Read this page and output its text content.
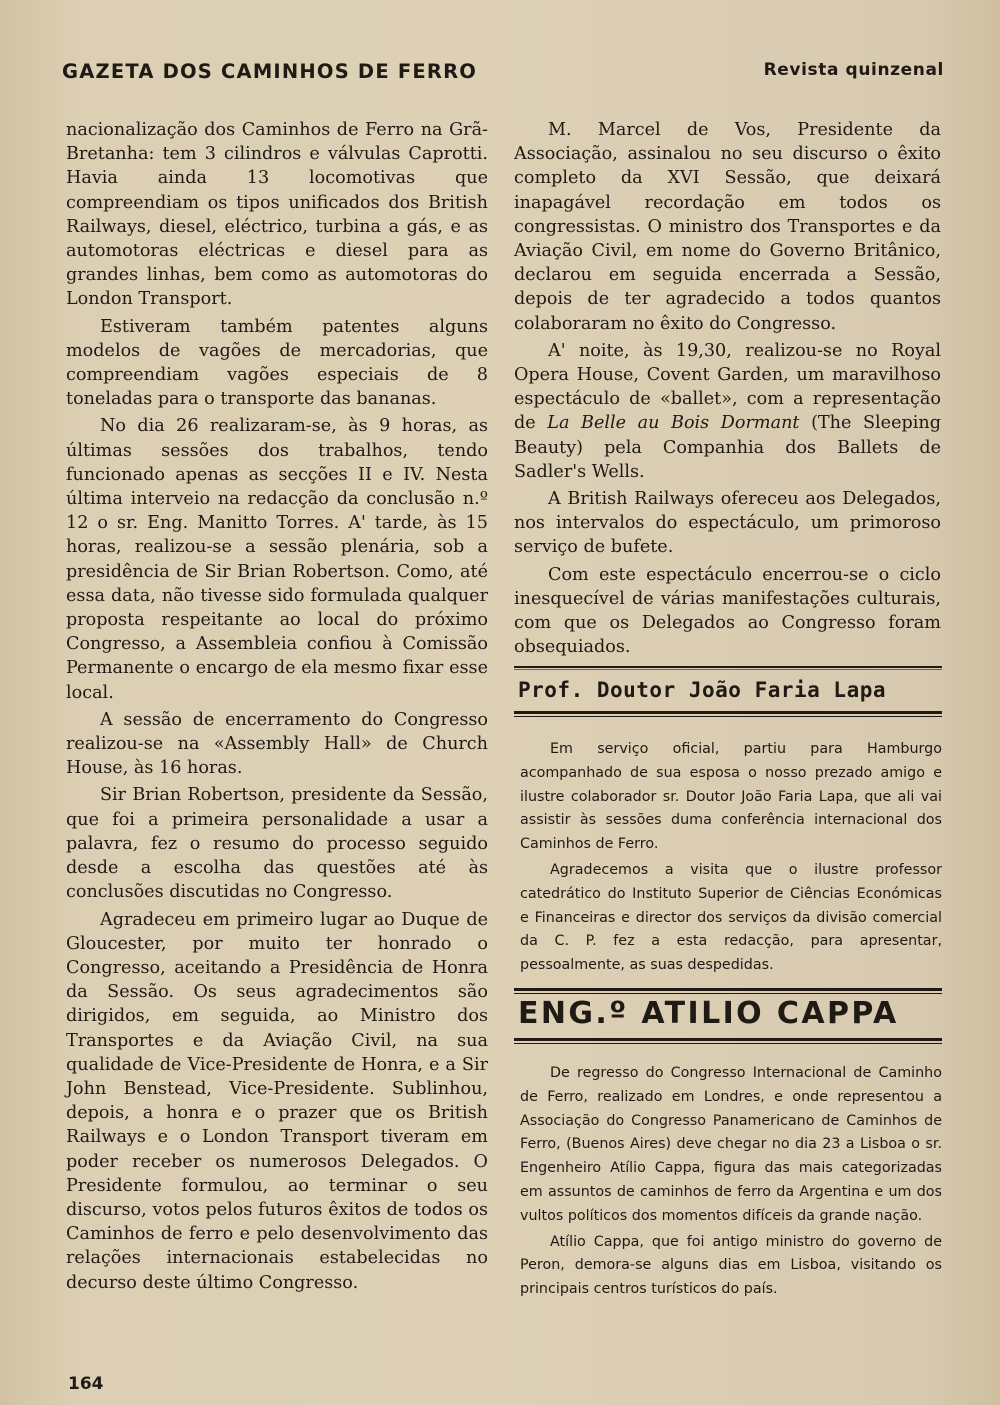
GAZETA DOS CAMINHOS DE FERRO	Revista quinzenal

nacionalização dos Caminhos de Ferro na Grã-Bretanha: tem 3 cilindros e válvulas Caprotti. Havia ainda 13 locomotivas que compreendiam os tipos unificados dos British Railways, diesel, eléctrico, turbina a gás, e as automotoras eléctricas e diesel para as grandes linhas, bem como as automotoras do London Transport.

Estiveram também patentes alguns modelos de vagões de mercadorias, que compreendiam vagões especiais de 8 toneladas para o transporte das bananas.

No dia 26 realizaram-se, às 9 horas, as últimas sessões dos trabalhos, tendo funcionado apenas as secções II e IV. Nesta última interveio na redacção da conclusão n.º 12 o sr. Eng. Manitto Torres. A' tarde, às 15 horas, realizou-se a sessão plenária, sob a presidência de Sir Brian Robertson. Como, até essa data, não tivesse sido formulada qualquer proposta respeitante ao local do próximo Congresso, a Assembleia confiou à Comissão Permanente o encargo de ela mesmo fixar esse local.

A sessão de encerramento do Congresso realizou-se na «Assembly Hall» de Church House, às 16 horas.

Sir Brian Robertson, presidente da Sessão, que foi a primeira personalidade a usar a palavra, fez o resumo do processo seguido desde a escolha das questões até às conclusões discutidas no Congresso.

Agradeceu em primeiro lugar ao Duque de Gloucester, por muito ter honrado o Congresso, aceitando a Presidência de Honra da Sessão. Os seus agradecimentos são dirigidos, em seguida, ao Ministro dos Transportes e da Aviação Civil, na sua qualidade de Vice-Presidente de Honra, e a Sir John Benstead, Vice-Presidente. Sublinhou, depois, a honra e o prazer que os British Railways e o London Transport tiveram em poder receber os numerosos Delegados. O Presidente formulou, ao terminar o seu discurso, votos pelos futuros êxitos de todos os Caminhos de ferro e pelo desenvolvimento das relações internacionais estabelecidas no decurso deste último Congresso.

M. Marcel de Vos, Presidente da Associação, assinalou no seu discurso o êxito completo da XVI Sessão, que deixará inapagável recordação em todos os congressistas. O ministro dos Transportes e da Aviação Civil, em nome do Governo Britânico, declarou em seguida encerrada a Sessão, depois de ter agradecido a todos quantos colaboraram no êxito do Congresso.

A' noite, às 19,30, realizou-se no Royal Opera House, Covent Garden, um maravilhoso espectáculo de «ballet», com a representação de La Belle au Bois Dormant (The Sleeping Beauty) pela Companhia dos Ballets de Sadler's Wells.

A British Railways ofereceu aos Delegados, nos intervalos do espectáculo, um primoroso serviço de bufete.

Com este espectáculo encerrou-se o ciclo inesquecível de várias manifestações culturais, com que os Delegados ao Congresso foram obsequiados.

Prof. Doutor João Faria Lapa

Em serviço oficial, partiu para Hamburgo acompanhado de sua esposa o nosso prezado amigo e ilustre colaborador sr. Doutor João Faria Lapa, que ali vai assistir às sessões duma conferência internacional dos Caminhos de Ferro.

Agradecemos a visita que o ilustre professor catedrático do Instituto Superior de Ciências Económicas e Financeiras e director dos serviços da divisão comercial da C. P. fez a esta redacção, para apresentar, pessoalmente, as suas despedidas.

ENG.º ATILIO CAPPA

De regresso do Congresso Internacional de Caminho de Ferro, realizado em Londres, e onde representou a Associação do Congresso Panamericano de Caminhos de Ferro, (Buenos Aires) deve chegar no dia 23 a Lisboa o sr. Engenheiro Atílio Cappa, figura das mais categorizadas em assuntos de caminhos de ferro da Argentina e um dos vultos políticos dos momentos difíceis da grande nação.

Atílio Cappa, que foi antigo ministro do governo de Peron, demora-se alguns dias em Lisboa, visitando os principais centros turísticos do país.

164
